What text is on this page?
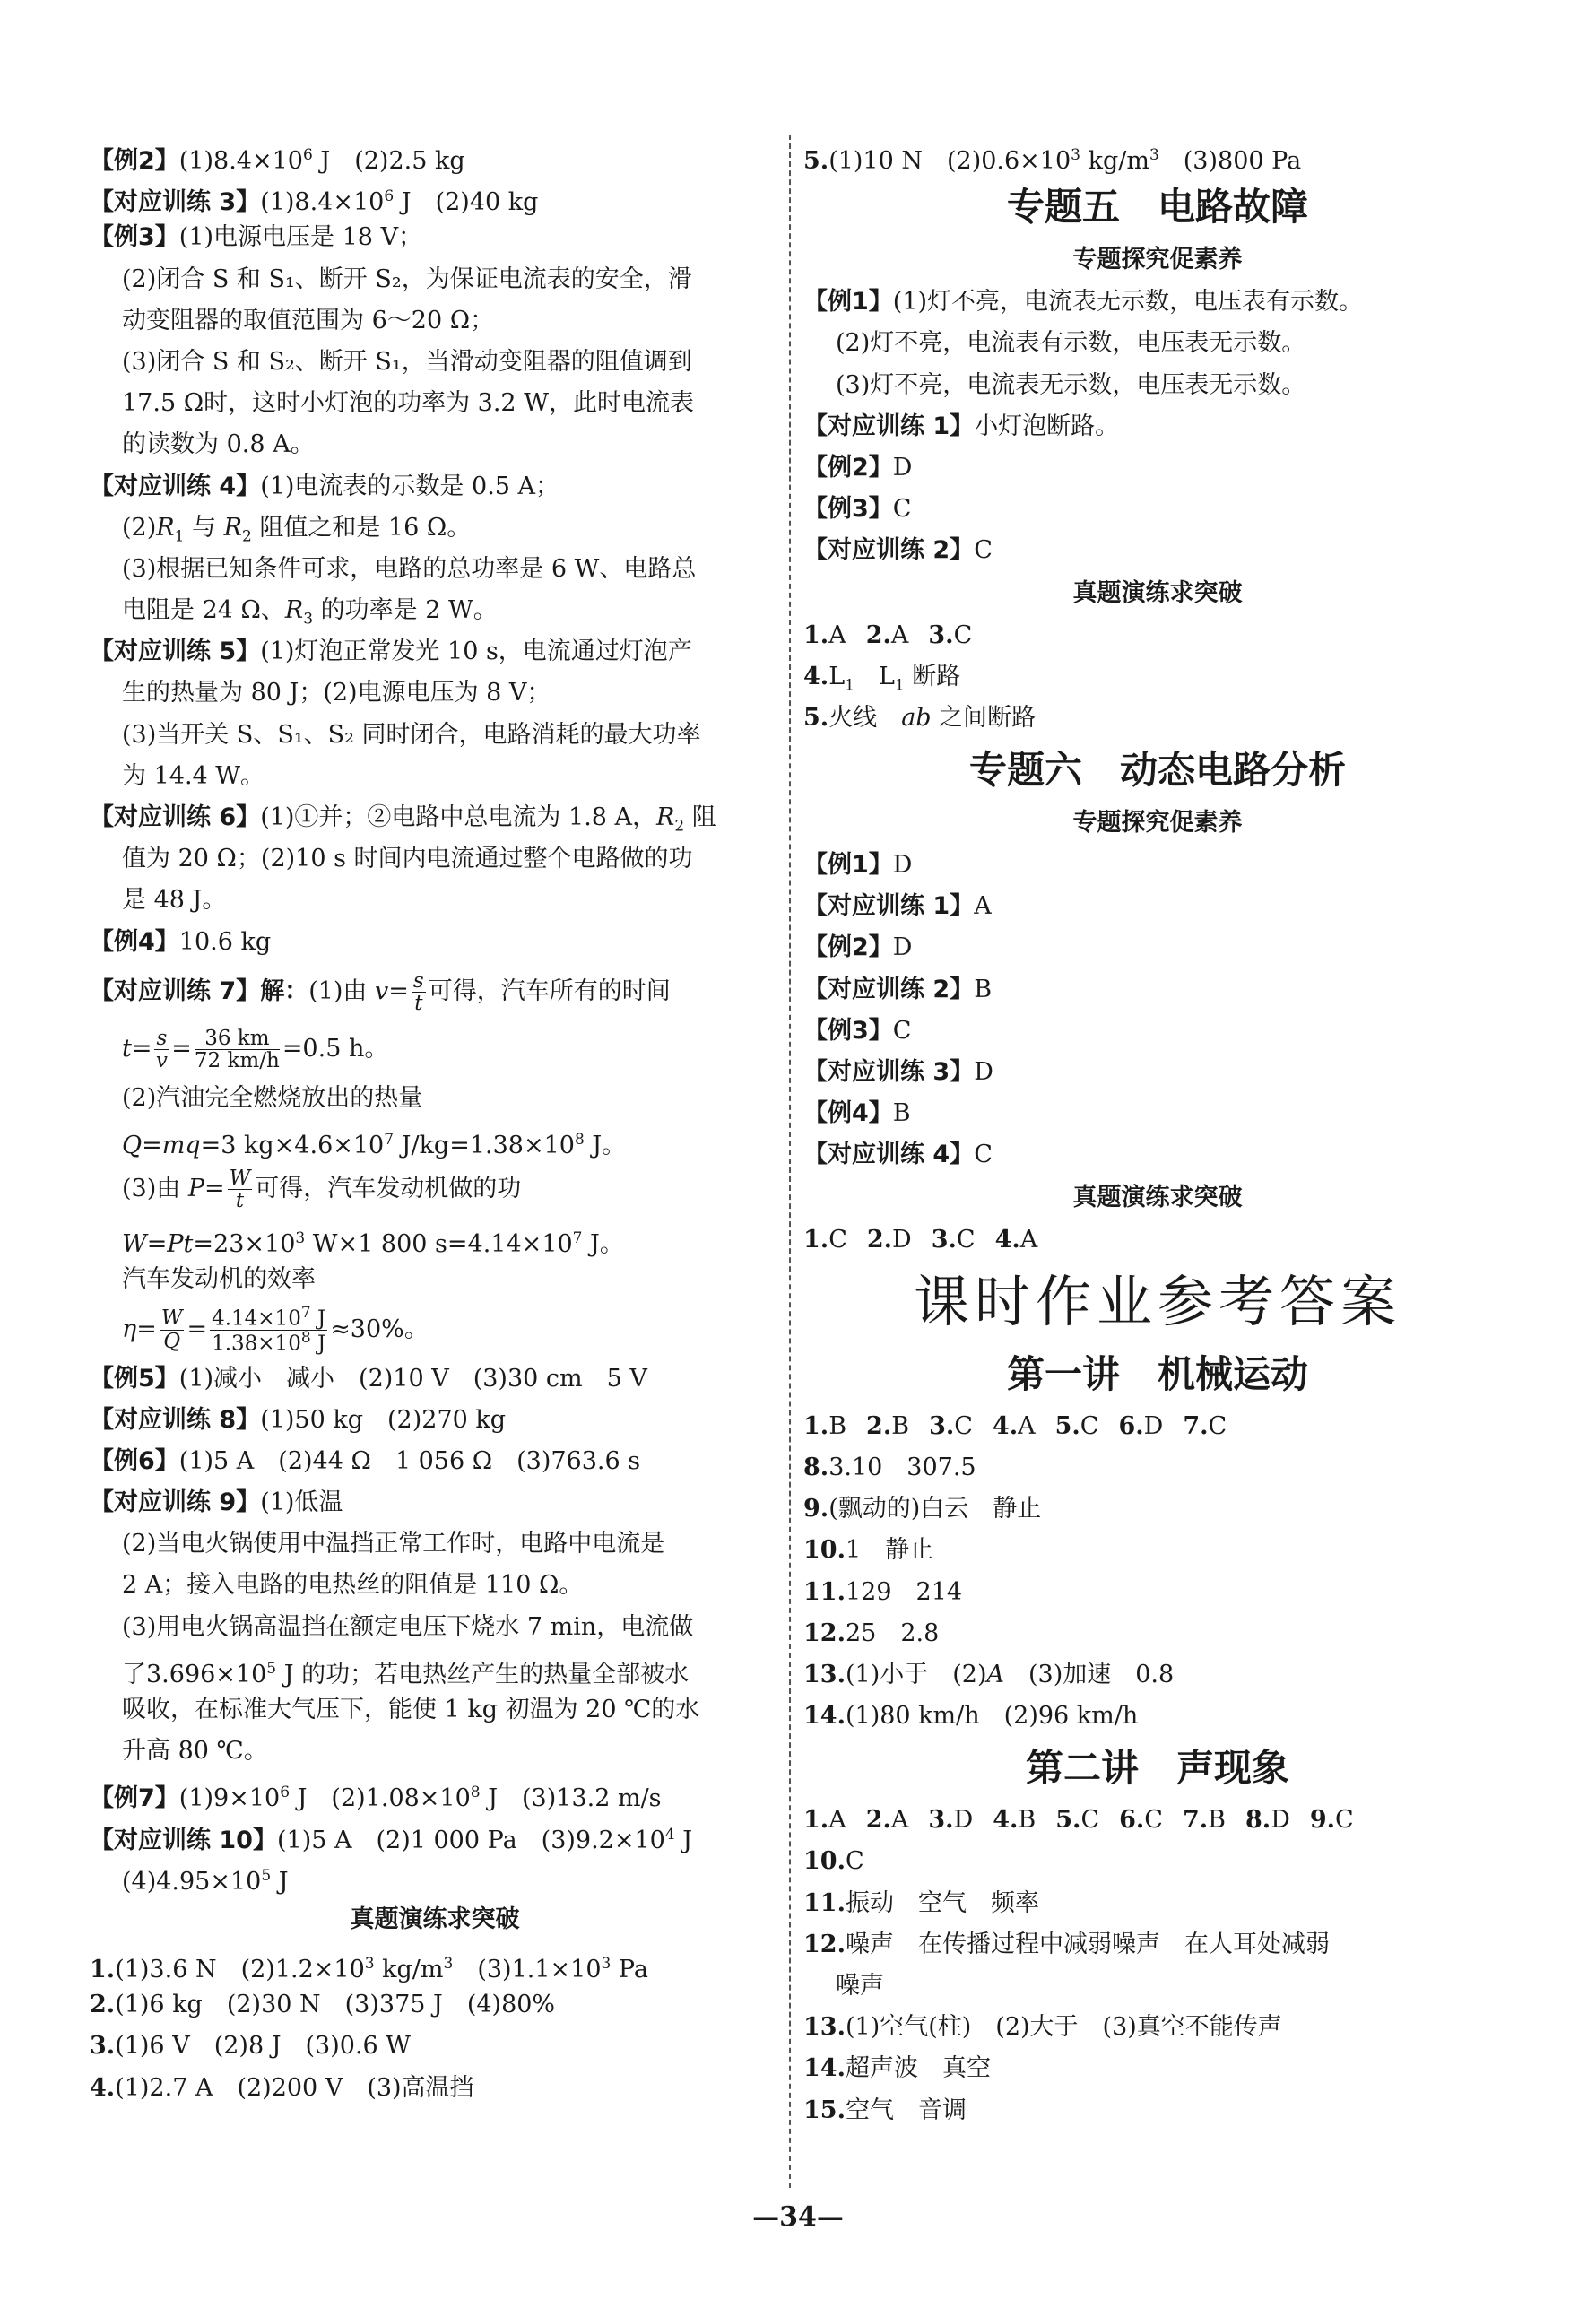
【例2】$(1)8.4\times 10^6$ J　(2)2.5 kg
【对应训练 3】$(1)8.4\times 10^6$ J　(2)40 kg
【例3】(1)电源电压是 18 V；
(2)闭合 S 和 S₁、断开 S₂，为保证电流表的安全，滑
动变阻器的取值范围为 6～20 Ω；
(3)闭合 S 和 S₂、断开 S₁，当滑动变阻器的阻值调到
17.5 Ω时，这时小灯泡的功率为 3.2 W，此时电流表
的读数为 0.8 A。
【对应训练 4】(1)电流表的示数是 0.5 A；
$(2)R_1$ 与 $R_2$ 阻值之和是 16 Ω。
(3)根据已知条件可求，电路的总功率是 6 W、电路总
电阻是 24 Ω、$R_3$ 的功率是 2 W。
【对应训练 5】(1)灯泡正常发光 10 s，电流通过灯泡产
生的热量为 80 J；(2)电源电压为 8 V；
(3)当开关 S、S₁、S₂ 同时闭合，电路消耗的最大功率
为 14.4 W。
【对应训练 6】(1)①并；②电路中总电流为 1.8 A，$R_2$ 阻
值为 20 Ω；(2)10 s 时间内电流通过整个电路做的功
是 48 J。
【例4】10.6 kg
【对应训练 7】解：(1)由 $v= \frac{s}{t}$ 可得，汽车所有的时间
$t= \frac{s}{v} = \frac{36 km}{72 km/h} =0.5$ h。
(2)汽油完全燃烧放出的热量
Q=mq=3 $kg\times 4.6\times 10^7$ $J/kg=1.38\times 10^8$ J。
(3)由 $P= \frac{W}{t}$ 可得，汽车发动机做的功
$W=Pt=23\times 10^3$ W×1 800 $s=4.14\times 10^7$ J。
汽车发动机的效率
$\eta= \frac{W}{Q} = \frac{4.14\times 10^7 J}{1.38\times 10^8 J} \approx 30\%$。
【例5】(1)减小　减小　(2)10 V　(3)30 cm　5 V
【对应训练 8】(1)50 kg　(2)270 kg
【例6】(1)5 A　(2)44 Ω　1 056 Ω　(3)763.6 s
【对应训练 9】(1)低温
(2)当电火锅使用中温挡正常工作时，电路中电流是
2 A；接入电路的电热丝的阻值是 110 Ω。
(3)用电火锅高温挡在额定电压下烧水 7 min，电流做
了$3.696\times 10^5$ J 的功；若电热丝产生的热量全部被水
吸收，在标准大气压下，能使 1 kg 初温为 20 ℃的水
升高 80 ℃。
【例7】$(1)9\times 10^6$ J　$(2)1.08\times 10^8$ J　(3)13.2 m/s
【对应训练 10】(1)5 A　(2)1 000 Pa　$(3)9.2\times 10^4$ J
$(4)4.95\times 10^5$ J
真题演练求突破
1.(1)3.6 N　$(2)1.2\times 10^3$ $kg/m^3$　$(3)1.1\times 10^3$ Pa
2.(1)6 kg　(2)30 N　(3)375 J　(4)80%
3.(1)6 V　(2)8 J　(3)0.6 W
4.(1)2.7 A　(2)200 V　(3)高温挡
5.(1)10 N　$(2)0.6\times 10^3$ $kg/m^3$　(3)800 Pa
专题五　电路故障
专题探究促素养
【例1】(1)灯不亮，电流表无示数，电压表有示数。
(2)灯不亮，电流表有示数，电压表无示数。
(3)灯不亮，电流表无示数，电压表无示数。
【对应训练 1】小灯泡断路。
【例2】D
【例3】C
【对应训练 2】C
真题演练求突破
1.A 2.A 3.C
$4.L_1$　$L_1$ 断路
5.火线　ab 之间断路
专题六　动态电路分析
专题探究促素养
【例1】D
【对应训练 1】A
【例2】D
【对应训练 2】B
【例3】C
【对应训练 3】D
【例4】B
【对应训练 4】C
真题演练求突破
1.C 2.D 3.C 4.A
课时作业参考答案
第一讲　机械运动
1.B 2.B 3.C 4.A 5.C 6.D 7.C
8.3.10　307.5
9.(飘动的)白云　静止
10.1　静止
11.129　214
12.25　2.8
13.(1)小于　(2)A　(3)加速　0.8
14.(1)80 km/h　(2)96 km/h
第二讲　声现象
1.A 2.A 3.D 4.B 5.C 6.C 7.B 8.D 9.C
10.C
11.振动　空气　频率
12.噪声　在传播过程中减弱噪声　在人耳处减弱
噪声
13.(1)空气(柱)　(2)大于　(3)真空不能传声
14.超声波　真空
15.空气　音调
—34—
